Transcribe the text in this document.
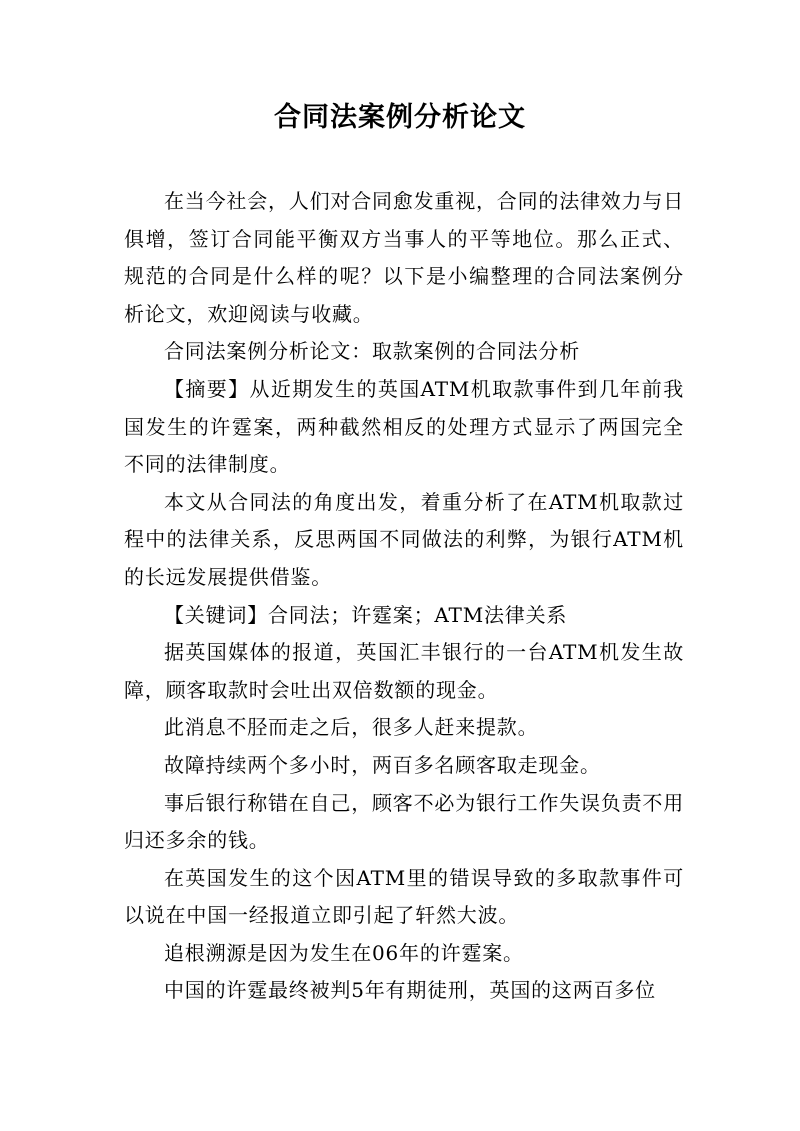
合同法案例分析论文

在当今社会，人们对合同愈发重视，合同的法律效力与日俱增，签订合同能平衡双方当事人的平等地位。那么正式、规范的合同是什么样的呢？以下是小编整理的合同法案例分析论文，欢迎阅读与收藏。

合同法案例分析论文：取款案例的合同法分析

【摘要】从近期发生的英国ATM机取款事件到几年前我国发生的许霆案，两种截然相反的处理方式显示了两国完全不同的法律制度。

本文从合同法的角度出发，着重分析了在ATM机取款过程中的法律关系，反思两国不同做法的利弊，为银行ATM机的长远发展提供借鉴。

【关键词】合同法；许霆案；ATM法律关系

据英国媒体的报道，英国汇丰银行的一台ATM机发生故障，顾客取款时会吐出双倍数额的现金。

此消息不胫而走之后，很多人赶来提款。

故障持续两个多小时，两百多名顾客取走现金。

事后银行称错在自己，顾客不必为银行工作失误负责不用归还多余的钱。

在英国发生的这个因ATM里的错误导致的多取款事件可以说在中国一经报道立即引起了轩然大波。

追根溯源是因为发生在06年的许霆案。

中国的许霆最终被判5年有期徒刑，英国的这两百多位
